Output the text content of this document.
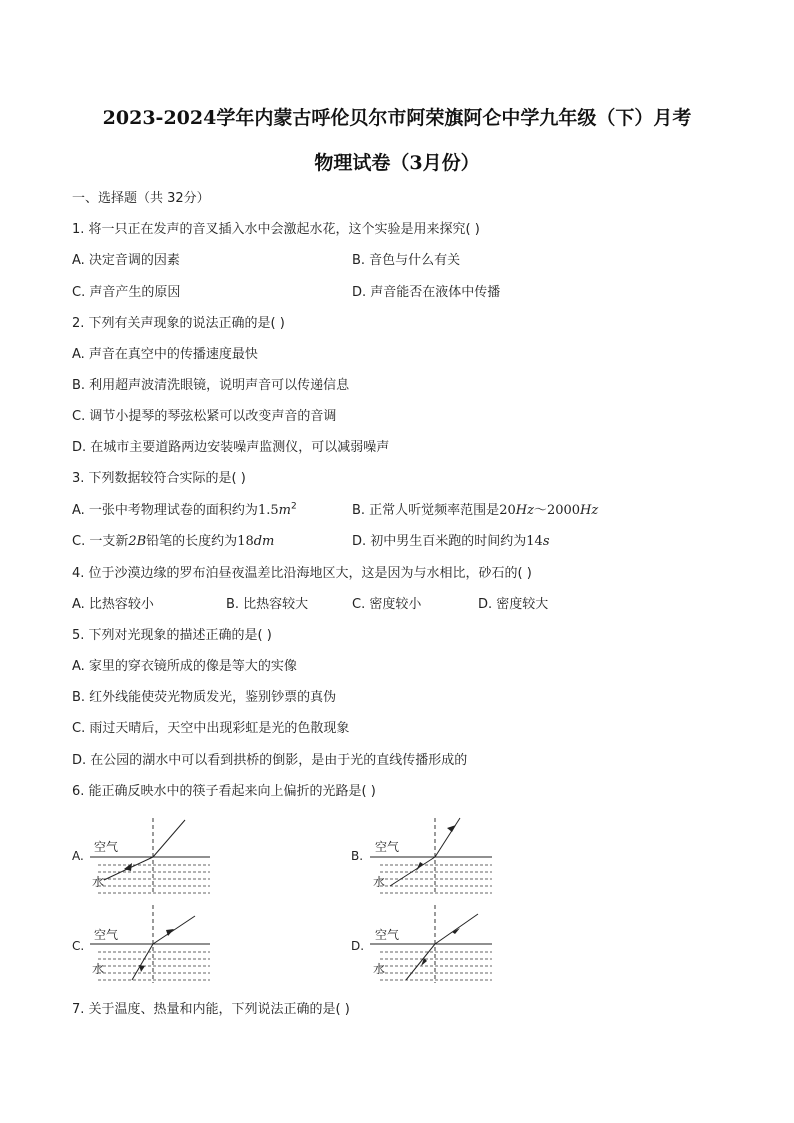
2023-2024学年内蒙古呼伦贝尔市阿荣旗阿仑中学九年级（下）月考
物理试卷（3月份）
一、选择题（共 32分）
1. 将一只正在发声的音叉插入水中会激起水花，这个实验是用来探究( )
A. 决定音调的因素	B. 音色与什么有关
C. 声音产生的原因	D. 声音能否在液体中传播
2. 下列有关声现象的说法正确的是( )
A. 声音在真空中的传播速度最快
B. 利用超声波清洗眼镜，说明声音可以传递信息
C. 调节小提琴的琴弦松紧可以改变声音的音调
D. 在城市主要道路两边安装噪声监测仪，可以减弱噪声
3. 下列数据较符合实际的是( )
A. 一张中考物理试卷的面积约为$1.5m^2$	B. 正常人听觉频率范围是20Hz～2000Hz
C. 一支新2B铅笔的长度约为18dm	D. 初中男生百米跑的时间约为14s
4. 位于沙漠边缘的罗布泊昼夜温差比沿海地区大，这是因为与水相比，砂石的( )
A. 比热容较小	B. 比热容较大	C. 密度较小	D. 密度较大
5. 下列对光现象的描述正确的是( )
A. 家里的穿衣镜所成的像是等大的实像
B. 红外线能使荧光物质发光，鉴别钞票的真伪
C. 雨过天晴后，天空中出现彩虹是光的色散现象
D. 在公园的湖水中可以看到拱桥的倒影，是由于光的直线传播形成的
6. 能正确反映水中的筷子看起来向上偏折的光路是( )
A.
空气
水
B.
空气
水
C.
空气
水
D.
空气
水
7. 关于温度、热量和内能，下列说法正确的是( )
